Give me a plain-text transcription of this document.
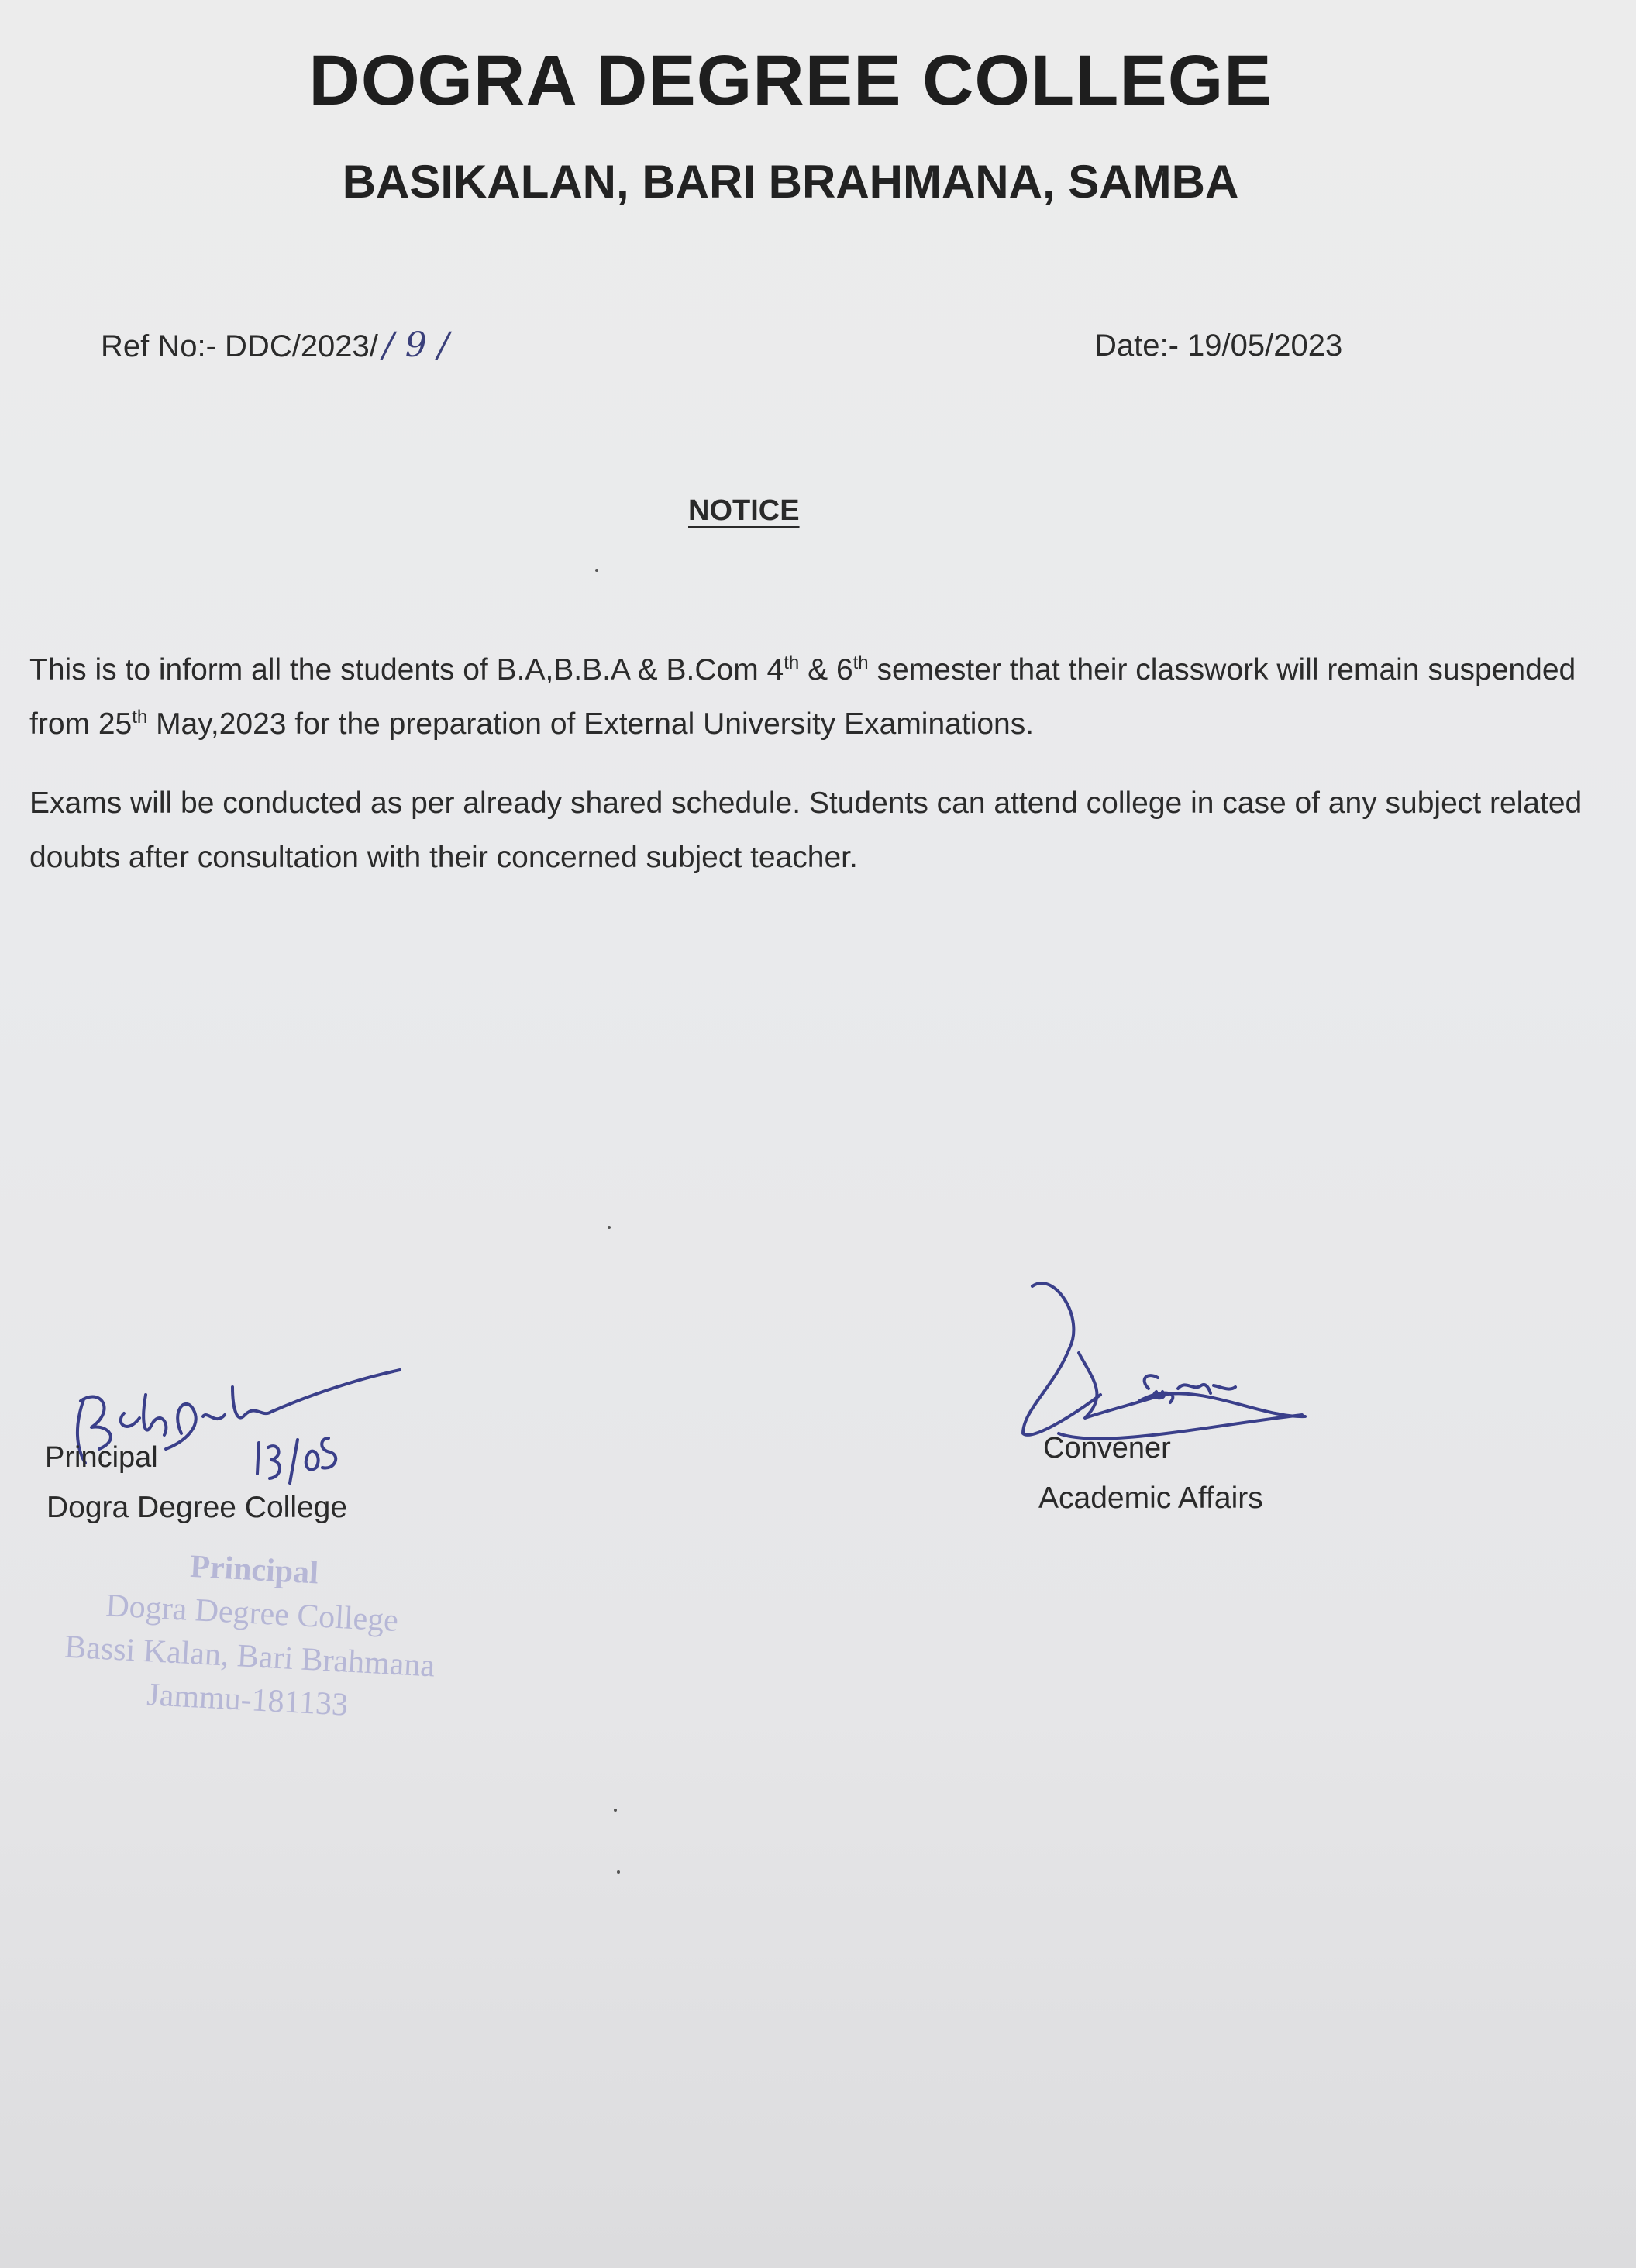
DOGRA DEGREE COLLEGE
BASIKALAN, BARI BRAHMANA, SAMBA
Ref No:- DDC/2023/ / 9 /	Date:- 19/05/2023
NOTICE
This is to inform all the students of B.A,B.B.A & B.Com 4th & 6th semester that their classwork will remain suspended from 25th May,2023 for the preparation of External University Examinations.
Exams will be conducted as per already shared schedule. Students can attend college in case of any subject related doubts after consultation with their concerned subject teacher.
Principal
Dogra Degree College
Convener
Academic Affairs
Principal
Dogra Degree College
Bassi Kalan, Bari Brahmana
Jammu-181133
